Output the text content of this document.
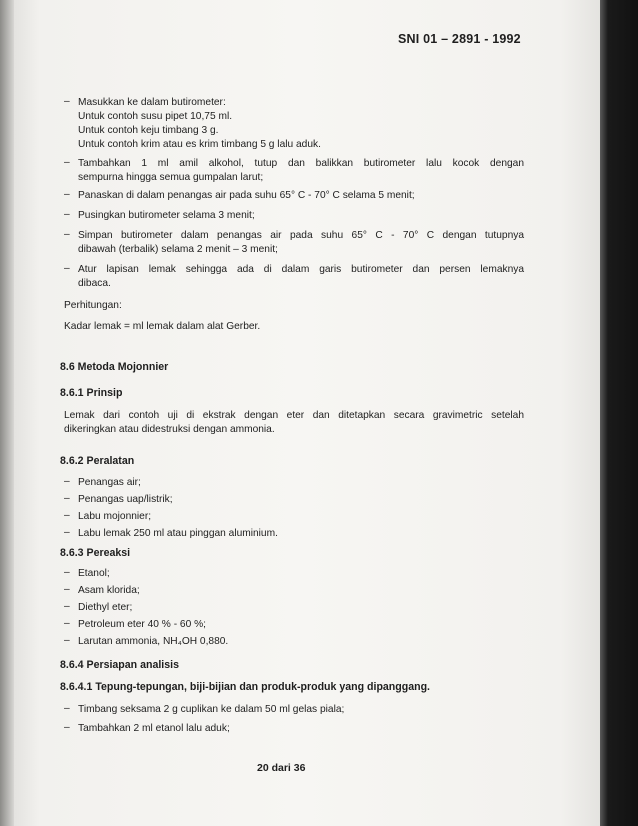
SNI 01 – 2891 - 1992
– Masukkan ke dalam butirometer:
Untuk contoh susu pipet 10,75 ml.
Untuk contoh keju timbang 3 g.
Untuk contoh krim atau es krim timbang 5 g lalu aduk.
– Tambahkan 1 ml amil alkohol, tutup dan balikkan butirometer lalu kocok dengan
sempurna hingga semua gumpalan larut;
– Panaskan di dalam penangas air pada suhu 65° C - 70° C selama 5 menit;
– Pusingkan butirometer selama 3 menit;
– Simpan butirometer dalam penangas air pada suhu 65° C - 70° C dengan tutupnya
dibawah (terbalik) selama 2 menit – 3 menit;
– Atur lapisan lemak sehingga ada di dalam garis butirometer dan persen lemaknya
dibaca.
Perhitungan:
Kadar lemak = ml lemak dalam alat Gerber.
8.6 Metoda Mojonnier
8.6.1 Prinsip
Lemak dari contoh uji di ekstrak dengan eter dan ditetapkan secara gravimetric setelah
dikeringkan atau didestruksi dengan ammonia.
8.6.2 Peralatan
– Penangas air;
– Penangas uap/listrik;
– Labu mojonnier;
– Labu lemak 250 ml atau pinggan aluminium.
8.6.3 Pereaksi
– Etanol;
– Asam klorida;
– Diethyl eter;
– Petroleum eter 40 % - 60 %;
– Larutan ammonia, NH₄OH 0,880.
8.6.4 Persiapan analisis
8.6.4.1 Tepung-tepungan, biji-bijian dan produk-produk yang dipanggang.
– Timbang seksama 2 g cuplikan ke dalam 50 ml gelas piala;
– Tambahkan 2 ml etanol lalu aduk;
20 dari 36
